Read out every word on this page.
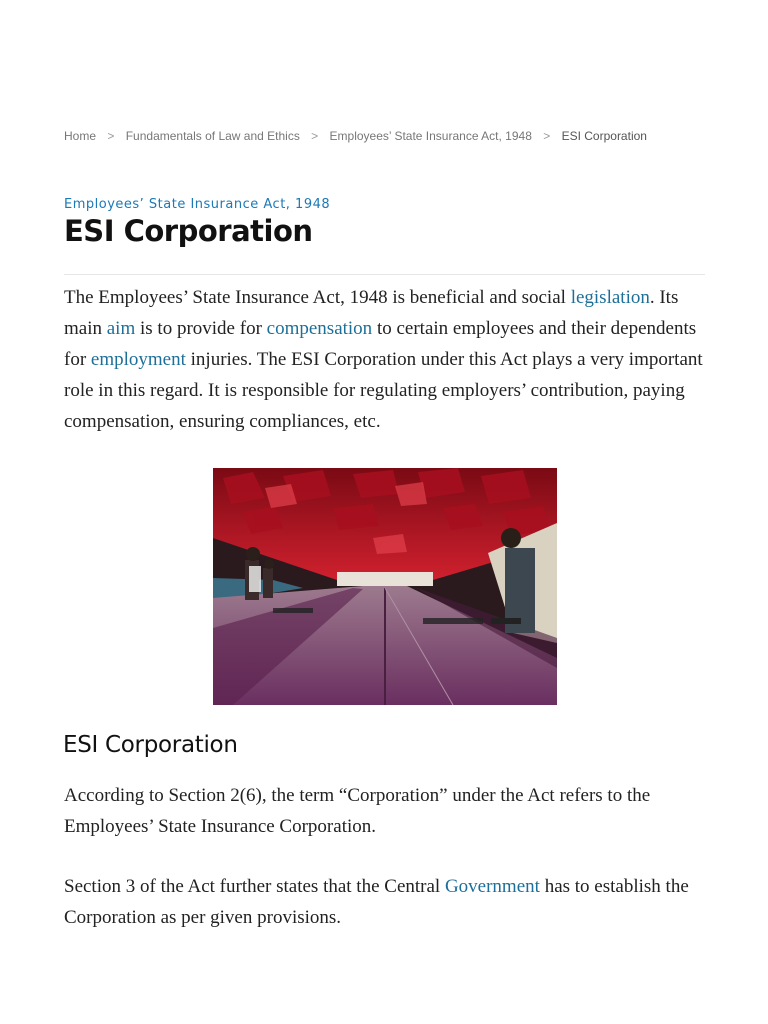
Home > Fundamentals of Law and Ethics > Employees’ State Insurance Act, 1948 > ESI Corporation
Employees’ State Insurance Act, 1948
ESI Corporation

The Employees’ State Insurance Act, 1948 is beneficial and social legislation. Its main aim is to provide for compensation to certain employees and their dependents for employment injuries. The ESI Corporation under this Act plays a very important role in this regard. It is responsible for regulating employers’ contribution, paying compensation, ensuring compliances, etc.

ESI Corporation

According to Section 2(6), the term “Corporation” under the Act refers to the Employees’ State Insurance Corporation.

Section 3 of the Act further states that the Central Government has to establish the Corporation as per given provisions.
